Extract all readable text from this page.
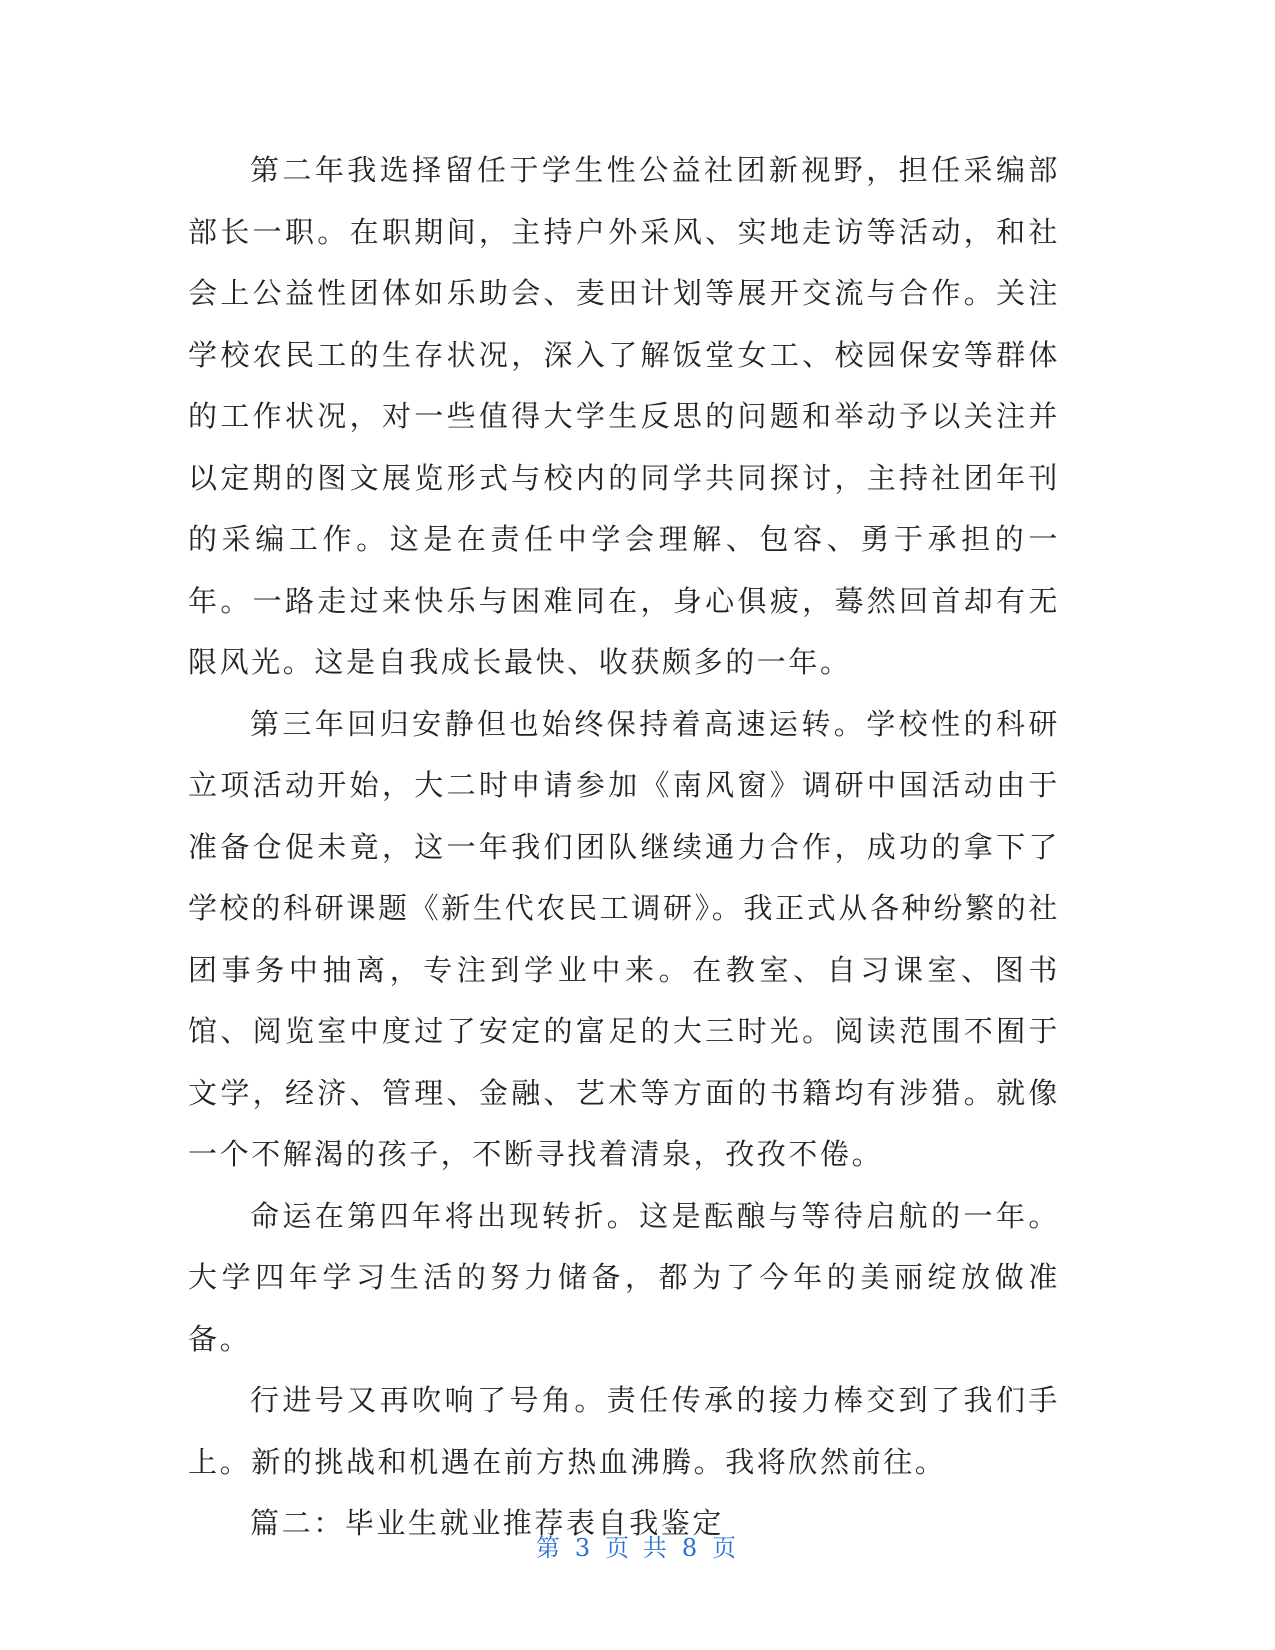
第二年我选择留任于学生性公益社团新视野，担任采编部部长一职。在职期间，主持户外采风、实地走访等活动，和社会上公益性团体如乐助会、麦田计划等展开交流与合作。关注学校农民工的生存状况，深入了解饭堂女工、校园保安等群体的工作状况，对一些值得大学生反思的问题和举动予以关注并以定期的图文展览形式与校内的同学共同探讨，主持社团年刊的采编工作。这是在责任中学会理解、包容、勇于承担的一年。一路走过来快乐与困难同在，身心俱疲，蓦然回首却有无限风光。这是自我成长最快、收获颇多的一年。

第三年回归安静但也始终保持着高速运转。学校性的科研立项活动开始，大二时申请参加《南风窗》调研中国活动由于准备仓促未竟，这一年我们团队继续通力合作，成功的拿下了学校的科研课题《新生代农民工调研》。我正式从各种纷繁的社团事务中抽离，专注到学业中来。在教室、自习课室、图书馆、阅览室中度过了安定的富足的大三时光。阅读范围不囿于文学，经济、管理、金融、艺术等方面的书籍均有涉猎。就像一个不解渴的孩子，不断寻找着清泉，孜孜不倦。

命运在第四年将出现转折。这是酝酿与等待启航的一年。大学四年学习生活的努力储备，都为了今年的美丽绽放做准备。

行进号又再吹响了号角。责任传承的接力棒交到了我们手上。新的挑战和机遇在前方热血沸腾。我将欣然前往。

篇二：毕业生就业推荐表自我鉴定

第 3 页 共 8 页
